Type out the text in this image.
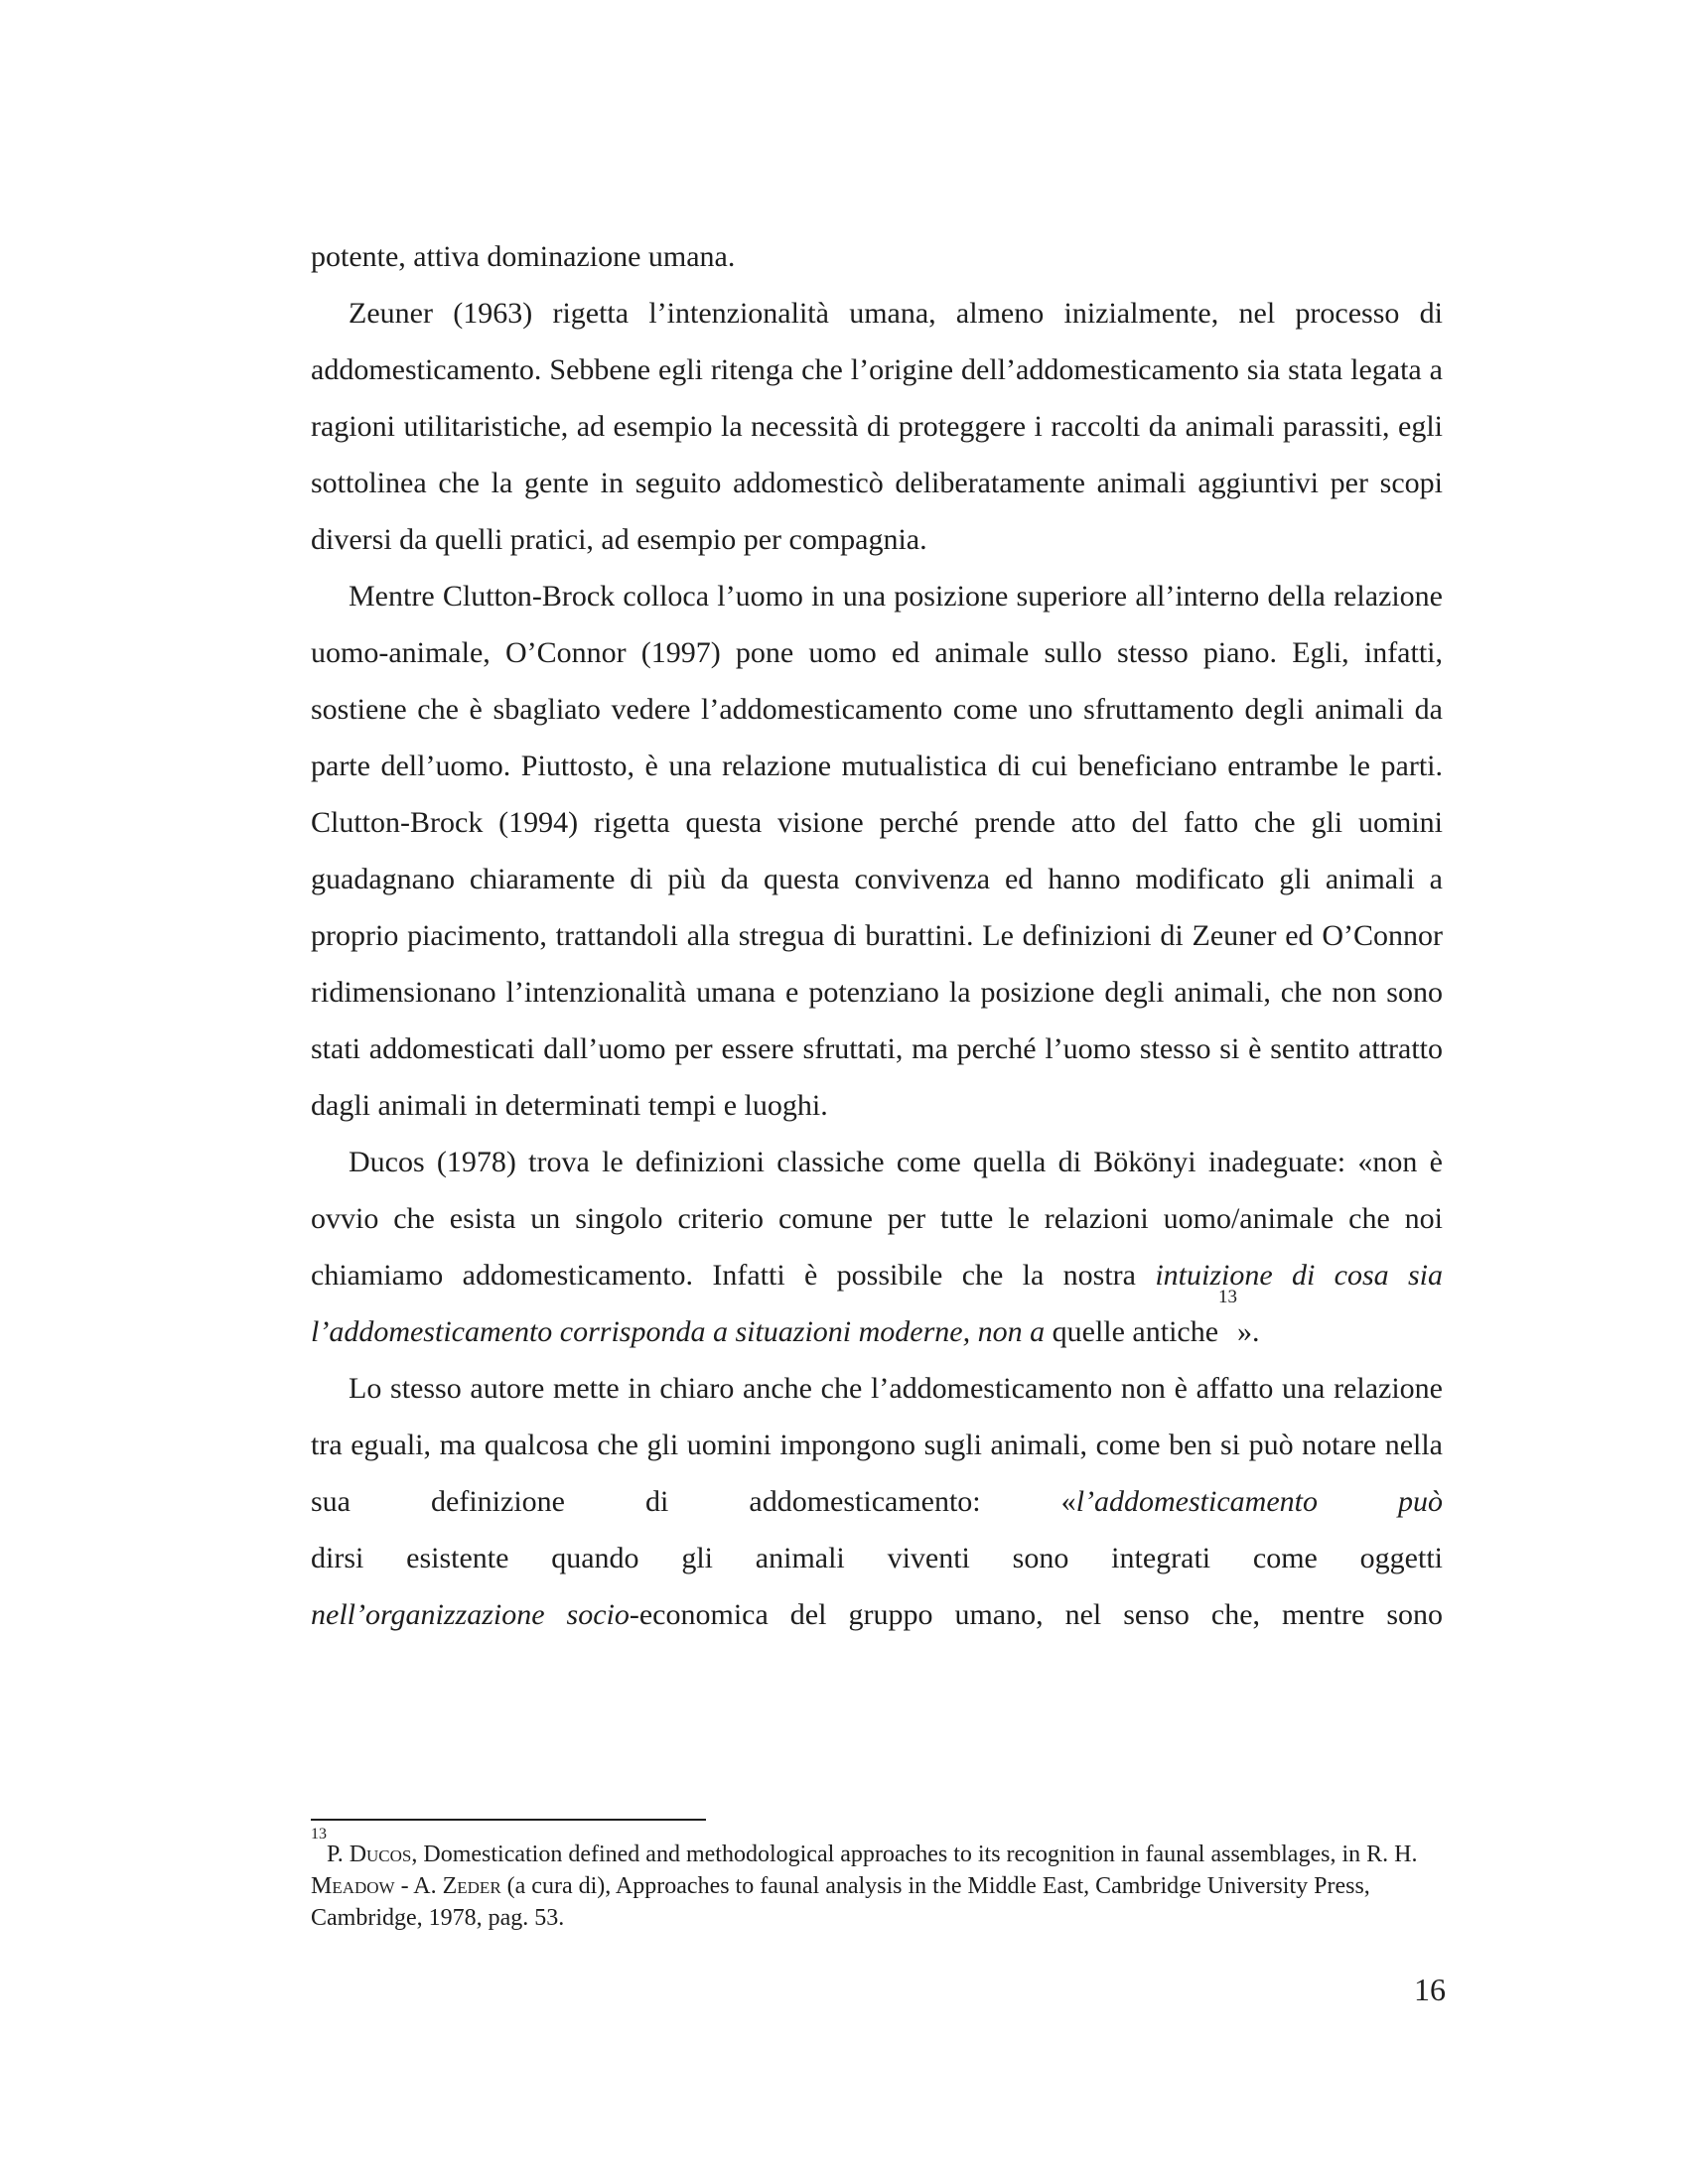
potente, attiva dominazione umana.

Zeuner (1963) rigetta l’intenzionalità umana, almeno inizialmente, nel processo di addomesticamento. Sebbene egli ritenga che l’origine dell’addomesticamento sia stata legata a ragioni utilitaristiche, ad esempio la necessità di proteggere i raccolti da animali parassiti, egli sottolinea che la gente in seguito addomesticò deliberatamente animali aggiuntivi per scopi diversi da quelli pratici, ad esempio per compagnia.

Mentre Clutton-Brock colloca l’uomo in una posizione superiore all’interno della relazione uomo-animale, O’Connor (1997) pone uomo ed animale sullo stesso piano. Egli, infatti, sostiene che è sbagliato vedere l’addomesticamento come uno sfruttamento degli animali da parte dell’uomo. Piuttosto, è una relazione mutualistica di cui beneficiano entrambe le parti. Clutton-Brock (1994) rigetta questa visione perché prende atto del fatto che gli uomini guadagnano chiaramente di più da questa convivenza ed hanno modificato gli animali a proprio piacimento, trattandoli alla stregua di burattini. Le definizioni di Zeuner ed O’Connor ridimensionano l’intenzionalità umana e potenziano la posizione degli animali, che non sono stati addomesticati dall’uomo per essere sfruttati, ma perché l’uomo stesso si è sentito attratto dagli animali in determinati tempi e luoghi.

Ducos (1978) trova le definizioni classiche come quella di Bökönyi inadeguate: «non è ovvio che esista un singolo criterio comune per tutte le relazioni uomo/animale che noi chiamiamo addomesticamento. Infatti è possibile che la nostra intuizione di cosa sia l’addomesticamento corrisponda a situazioni moderne, non a quelle antiche$^{13}$».

Lo stesso autore mette in chiaro anche che l’addomesticamento non è affatto una relazione tra eguali, ma qualcosa che gli uomini impongono sugli animali, come ben si può notare nella sua definizione di addomesticamento: «l’addomesticamento può

dirsi esistente quando gli animali viventi sono integrati come oggetti

nell’organizzazione socio-economica del gruppo umano, nel senso che, mentre sono

$^{13}$P. Ducos, Domestication defined and methodological approaches to its recognition in faunal assemblages, in R. H. Meadow - A. Zeder (a cura di), Approaches to faunal analysis in the Middle East, Cambridge University Press, Cambridge, 1978, pag. 53.

16
